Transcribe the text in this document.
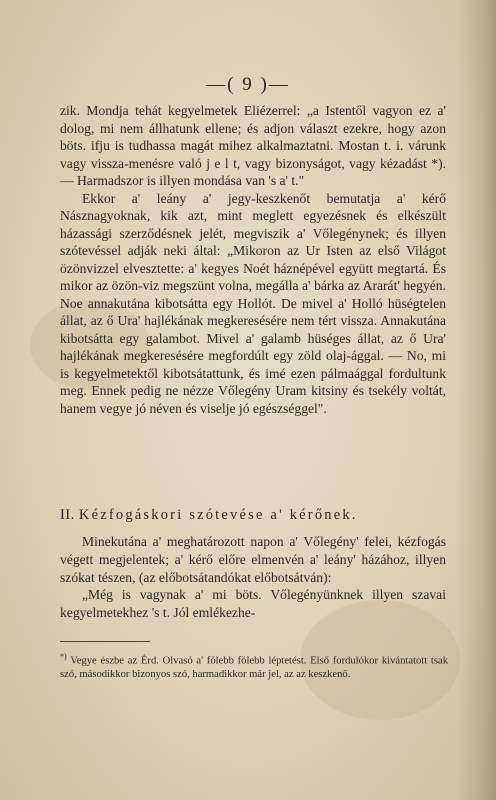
—( 9 )—

zik. Mondja tehát kegyelmetek Eliézerrel: „a Istentől vagyon ez a' dolog, mi nem állhatunk ellene; és adjon választ ezekre, hogy azon böts. ifju is tudhassa magát mihez alkalmaztatni. Mostan t. i. várunk vagy vissza-menésre való j e l t, vagy bizonyságot, vagy kézadást *). — Harmadszor is illyen mondása van 's a' t."

Ekkor a' leány a' jegy-keszkenőt bemutatja a' kérő Násznagyoknak, kik azt, mint meglett egyezésnek és elkészült házassági szerződésnek jelét, megviszik a' Vőlegénynek; és illyen szótevéssel adják neki által: „Mikoron az Ur Isten az első Világot özönvizzel elvesztette: a' kegyes Noét háznépével együtt megtartá. És mikor az özön-viz megszünt volna, megálla a' bárka az Ararát' hegyén. Noe annakutána kibotsátta egy Hollót. De mivel a' Holló hüségtelen állat, az ő Ura' hajlékának megkeresésére nem tért vissza. Annakutána kibotsátta egy galambot. Mivel a' galamb hüséges állat, az ő Ura' hajlékának megkeresésére megfordúlt egy zöld olaj-ággal. — No, mi is kegyelmetektől kibotsátattunk, és imé ezen pálmaággal fordultunk meg. Ennek pedig ne nézze Vőlegény Uram kitsiny és tsekély voltát, hanem vegye jó néven és viselje jó egészséggel".

II. Kézfogáskori szótevése a' kérőnek.

Minekutána a' meghatározott napon a' Vőlegény' felei, kézfogás végett megjelentek; a' kérő előre elmenvén a' leány' házához, illyen szókat tészen, (az előbotsátandókat előbotsátván):

„Még is vagynak a' mi böts. Vőlegényünknek illyen szavai kegyelmetekhez 's t. Jól emlékezhe-

*) Vegye észbe az Érd. Olvasó a' fölebb fölebb léptetést. Első fordulókor kivántatott tsak szó, másodikkor bizonyos szó, harmadikkor már jel, az az keszkenő.
